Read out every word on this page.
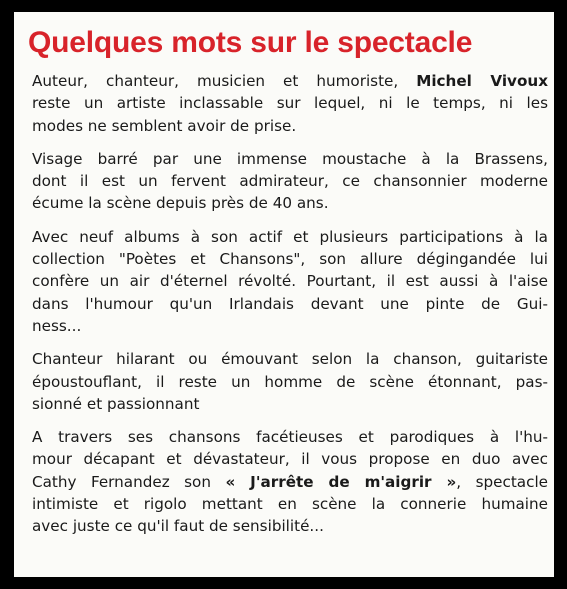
Quelques mots sur le spectacle

Auteur, chanteur, musicien et humoriste, Michel Vivoux
reste un artiste inclassable sur lequel, ni le temps, ni les
modes ne semblent avoir de prise.

Visage barré par une immense moustache à la Brassens,
dont il est un fervent admirateur, ce chansonnier moderne
écume la scène depuis près de 40 ans.

Avec neuf albums à son actif et plusieurs participations à la
collection "Poètes et Chansons", son allure dégingandée lui
confère un air d'éternel révolté. Pourtant, il est aussi à l'aise
dans l'humour qu'un Irlandais devant une pinte de Gui-
ness...

Chanteur hilarant ou émouvant selon la chanson, guitariste
époustouflant, il reste un homme de scène étonnant, pas-
sionné et passionnant

A travers ses chansons facétieuses et parodiques à l'hu-
mour décapant et dévastateur, il vous propose en duo avec
Cathy Fernandez son « J'arrête de m'aigrir », spectacle
intimiste et rigolo mettant en scène la connerie humaine
avec juste ce qu'il faut de sensibilité...
